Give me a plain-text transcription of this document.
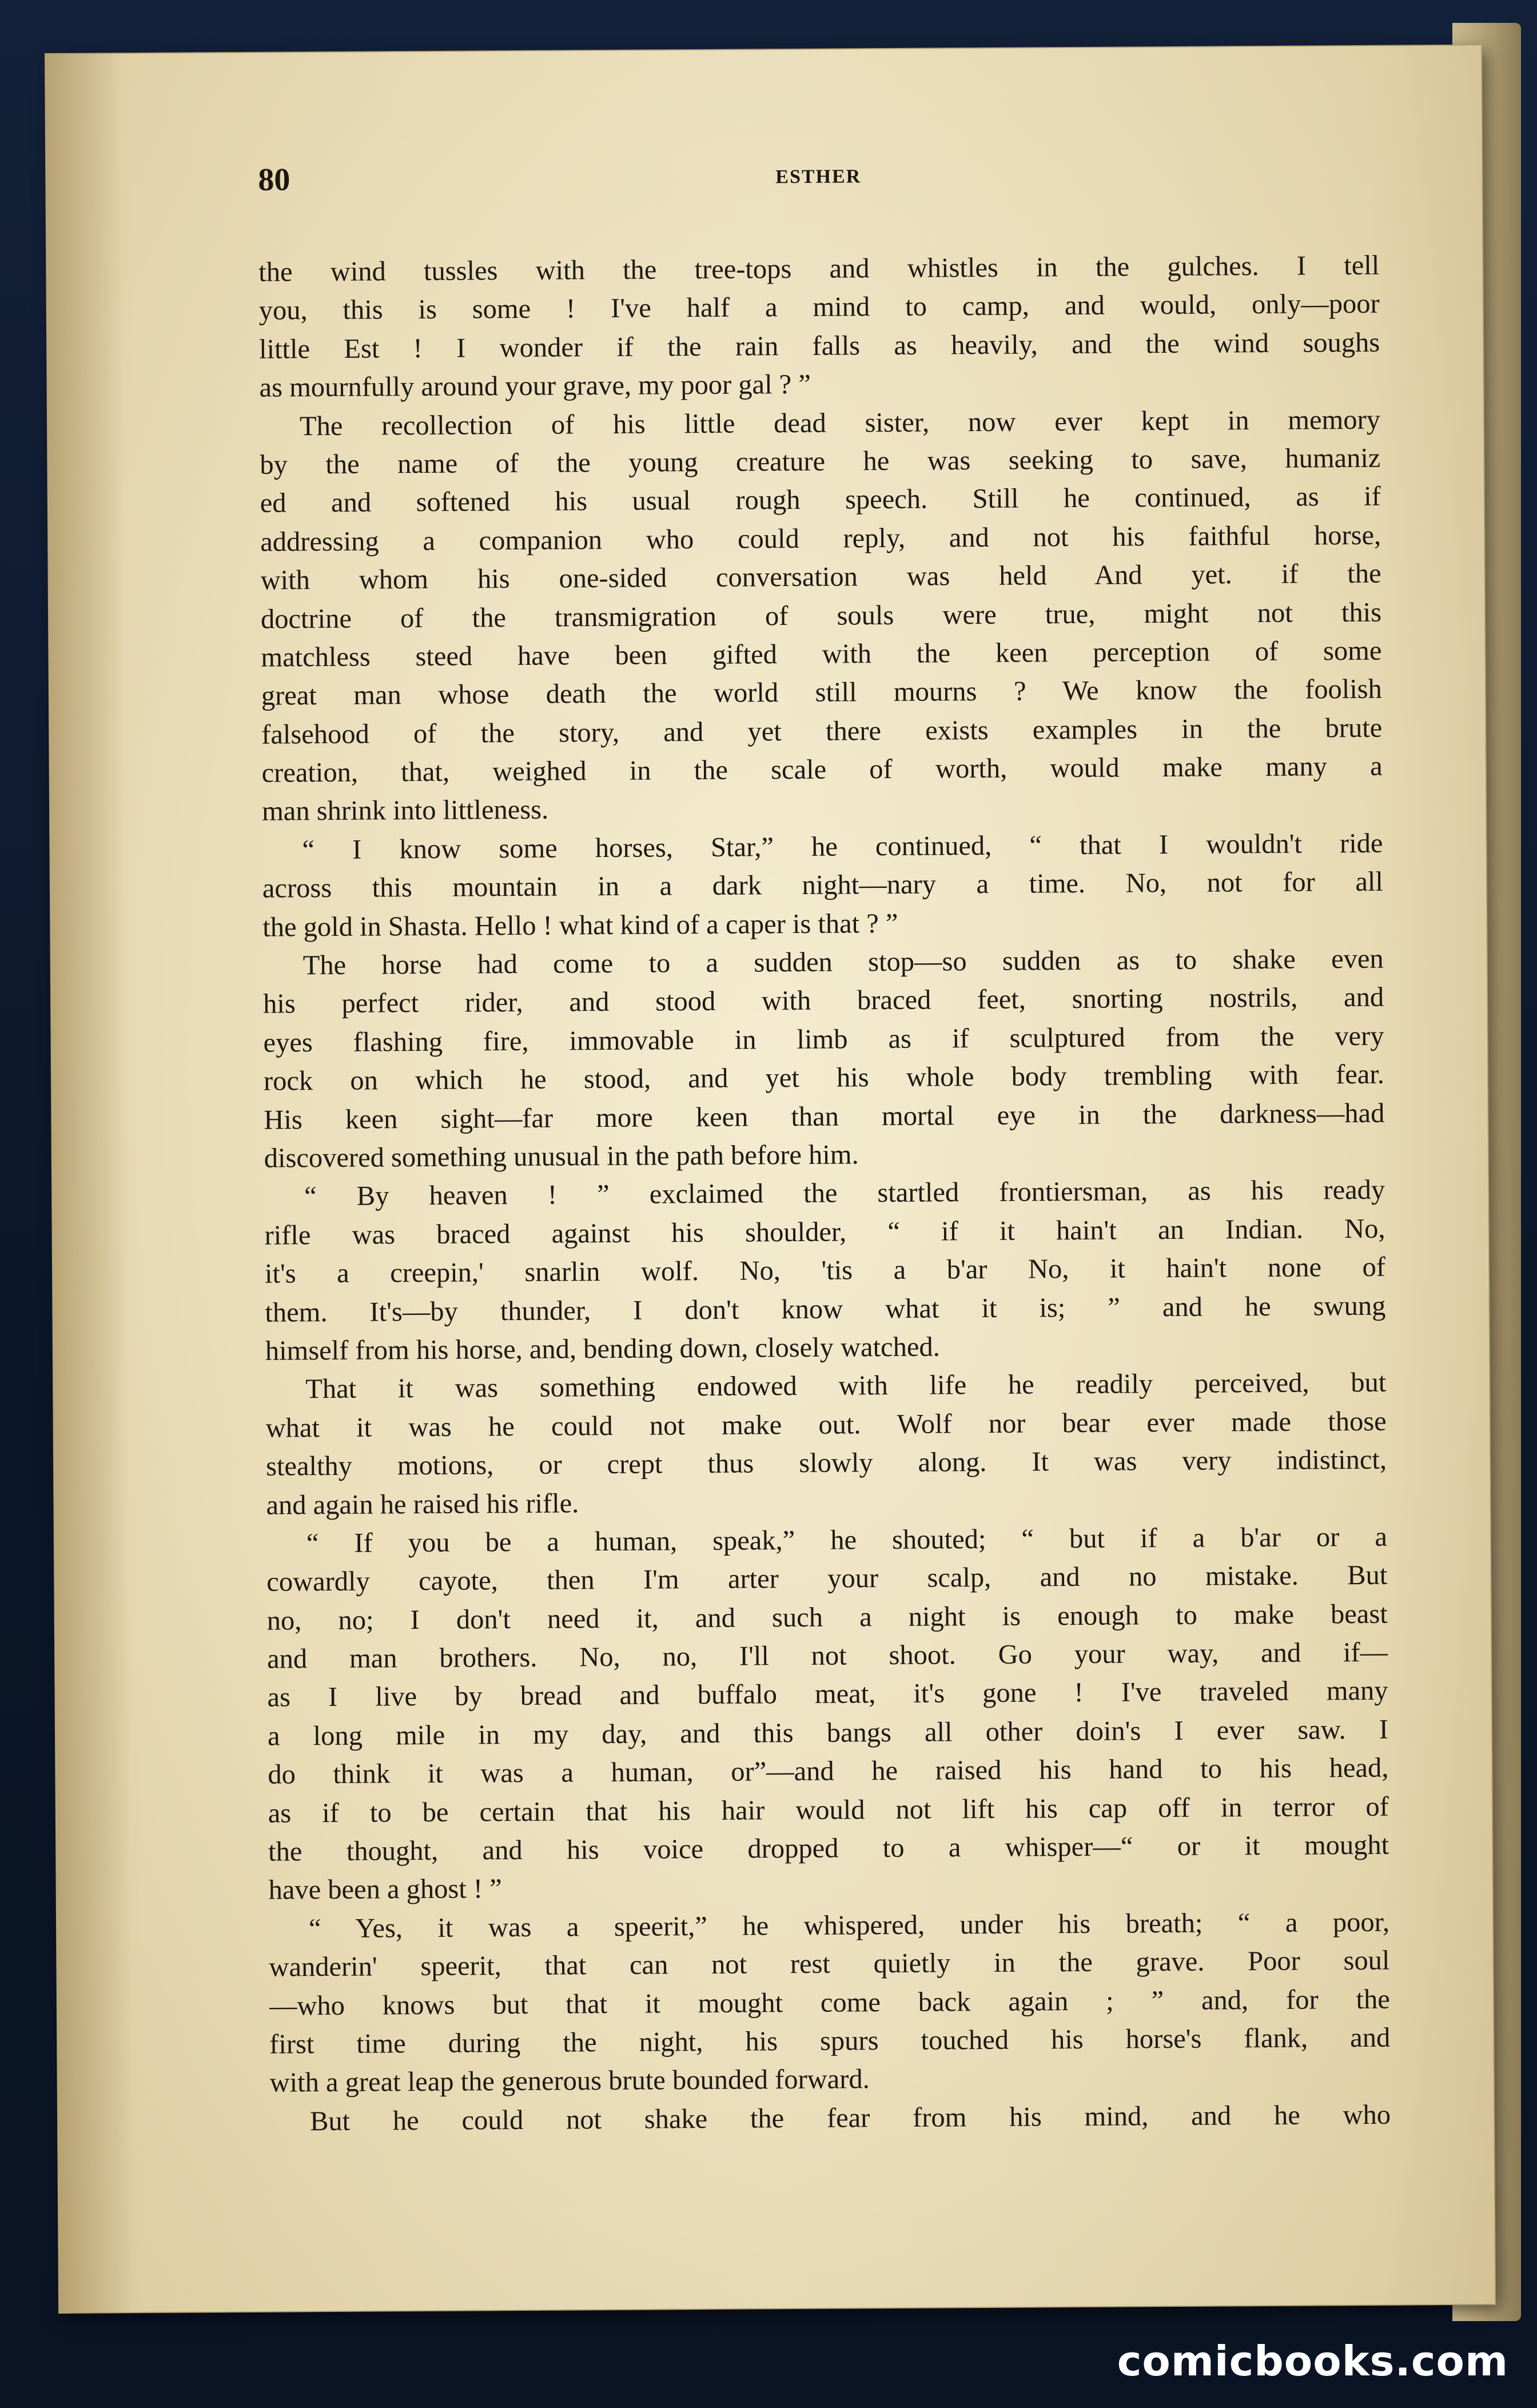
80	ESTHER
the wind tussles with the tree-tops and whistles in the gulches. I tell
you, this is some ! I've half a mind to camp, and would, only—poor
little Est ! I wonder if the rain falls as heavily, and the wind soughs
as mournfully around your grave, my poor gal ? ”
The recollection of his little dead sister, now ever kept in memory
by the name of the young creature he was seeking to save, humaniz
ed and softened his usual rough speech. Still he continued, as if
addressing a companion who could reply, and not his faithful horse,
with whom his one-sided conversation was held And yet. if the
doctrine of the transmigration of souls were true, might not this
matchless steed have been gifted with the keen perception of some
great man whose death the world still mourns ? We know the foolish
falsehood of the story, and yet there exists examples in the brute
creation, that, weighed in the scale of worth, would make many a
man shrink into littleness.
“ I know some horses, Star,” he continued, “ that I wouldn't ride
across this mountain in a dark night—nary a time. No, not for all
the gold in Shasta. Hello ! what kind of a caper is that ? ”
The horse had come to a sudden stop—so sudden as to shake even
his perfect rider, and stood with braced feet, snorting nostrils, and
eyes flashing fire, immovable in limb as if sculptured from the very
rock on which he stood, and yet his whole body trembling with fear.
His keen sight—far more keen than mortal eye in the darkness—had
discovered something unusual in the path before him.
“ By heaven ! ” exclaimed the startled frontiersman, as his ready
rifle was braced against his shoulder, “ if it hain't an Indian. No,
it's a creepin,' snarlin wolf. No, 'tis a b'ar No, it hain't none of
them. It's—by thunder, I don't know what it is; ” and he swung
himself from his horse, and, bending down, closely watched.
That it was something endowed with life he readily perceived, but
what it was he could not make out. Wolf nor bear ever made those
stealthy motions, or crept thus slowly along. It was very indistinct,
and again he raised his rifle.
“ If you be a human, speak,” he shouted; “ but if a b'ar or a
cowardly cayote, then I'm arter your scalp, and no mistake. But
no, no; I don't need it, and such a night is enough to make beast
and man brothers. No, no, I'll not shoot. Go your way, and if—
as I live by bread and buffalo meat, it's gone ! I've traveled many
a long mile in my day, and this bangs all other doin's I ever saw. I
do think it was a human, or”—and he raised his hand to his head,
as if to be certain that his hair would not lift his cap off in terror of
the thought, and his voice dropped to a whisper—“ or it mought
have been a ghost ! ”
“ Yes, it was a speerit,” he whispered, under his breath; “ a poor,
wanderin' speerit, that can not rest quietly in the grave. Poor soul
—who knows but that it mought come back again ; ” and, for the
first time during the night, his spurs touched his horse's flank, and
with a great leap the generous brute bounded forward.
But he could not shake the fear from his mind, and he who
comicbooks.com
